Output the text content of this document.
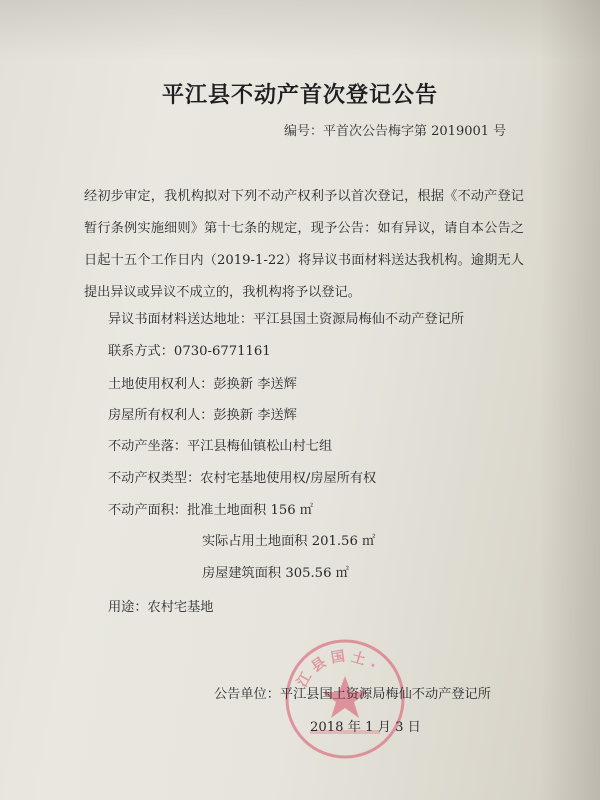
平江县不动产首次登记公告
编号：平首次公告梅字第 2019001 号
经初步审定，我机构拟对下列不动产权利予以首次登记，根据《不动产登记暂行条例实施细则》第十七条的规定，现予公告：如有异议，请自本公告之日起十五个工作日内（2019-1-22）将异议书面材料送达我机构。逾期无人提出异议或异议不成立的，我机构将予以登记。
异议书面材料送达地址：平江县国土资源局梅仙不动产登记所
联系方式：0730-6771161
土地使用权利人：彭换新 李送辉
房屋所有权利人：彭换新 李送辉
不动产坐落：平江县梅仙镇松山村七组
不动产权类型：农村宅基地使用权/房屋所有权
不动产面积：批准土地面积 156 ㎡
实际占用土地面积 201.56 ㎡
房屋建筑面积 305.56 ㎡
用途：农村宅基地
江 县 国 土 ·
公告单位：平江县国土资源局梅仙不动产登记所
2018 年 1 月 3 日
